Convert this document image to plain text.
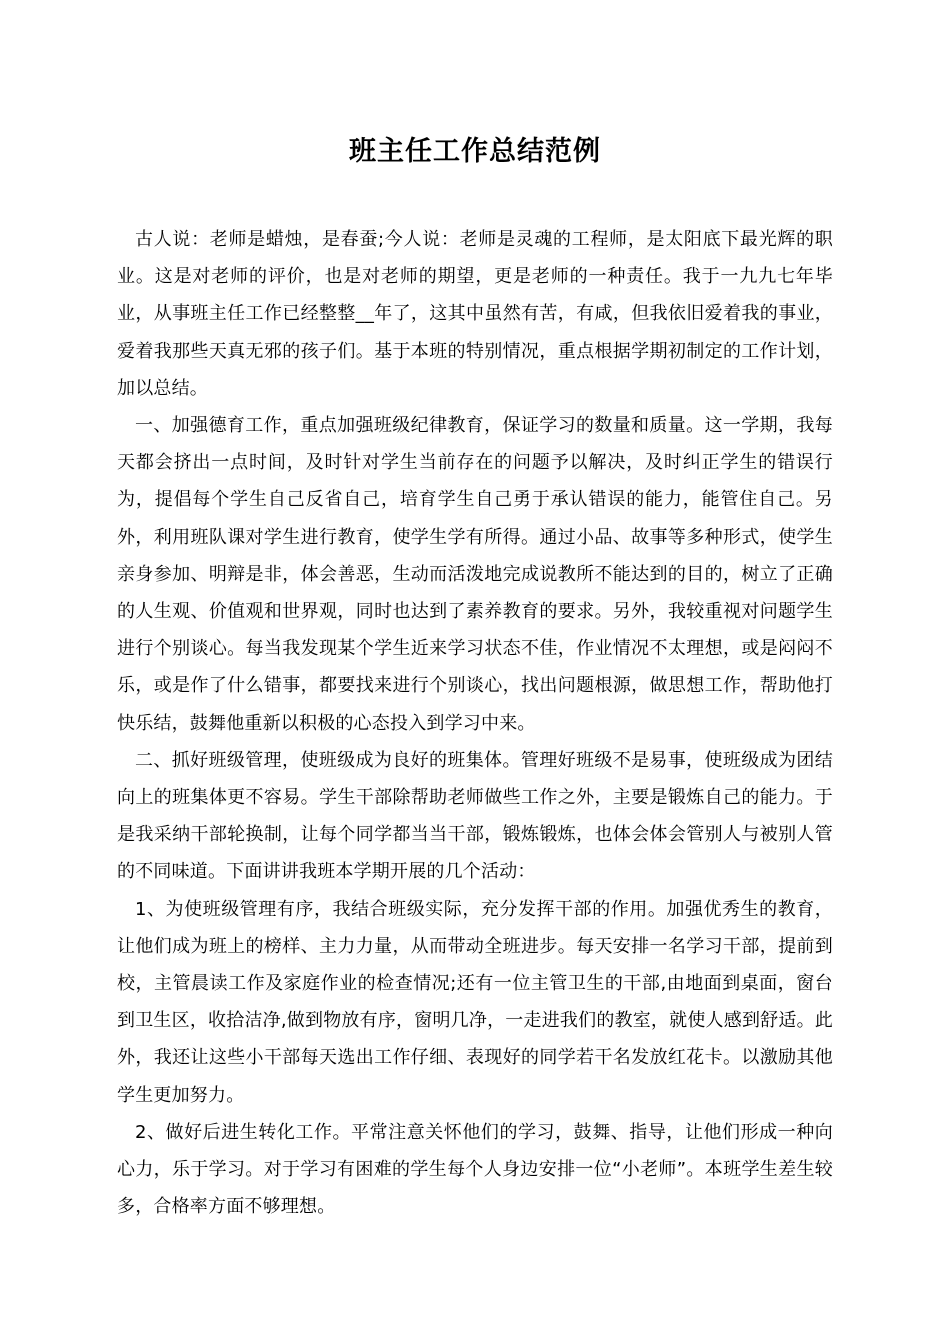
班主任工作总结范例

古人说：老师是蜡烛，是春蚕;今人说：老师是灵魂的工程师，是太阳底下最光辉的职业。这是对老师的评价，也是对老师的期望，更是老师的一种责任。我于一九九七年毕业，从事班主任工作已经整整__年了，这其中虽然有苦，有咸，但我依旧爱着我的事业，爱着我那些天真无邪的孩子们。基于本班的特别情况，重点根据学期初制定的工作计划，加以总结。

一、加强德育工作，重点加强班级纪律教育，保证学习的数量和质量。这一学期，我每天都会挤出一点时间，及时针对学生当前存在的问题予以解决，及时纠正学生的错误行为，提倡每个学生自己反省自己，培育学生自己勇于承认错误的能力，能管住自己。另外，利用班队课对学生进行教育，使学生学有所得。通过小品、故事等多种形式，使学生亲身参加、明辩是非，体会善恶，生动而活泼地完成说教所不能达到的目的，树立了正确的人生观、价值观和世界观，同时也达到了素养教育的要求。另外，我较重视对问题学生进行个别谈心。每当我发现某个学生近来学习状态不佳，作业情况不太理想，或是闷闷不乐，或是作了什么错事，都要找来进行个别谈心，找出问题根源，做思想工作，帮助他打快乐结，鼓舞他重新以积极的心态投入到学习中来。

二、抓好班级管理，使班级成为良好的班集体。管理好班级不是易事，使班级成为团结向上的班集体更不容易。学生干部除帮助老师做些工作之外，主要是锻炼自己的能力。于是我采纳干部轮换制，让每个同学都当当干部，锻炼锻炼，也体会体会管别人与被别人管的不同味道。下面讲讲我班本学期开展的几个活动：

1、为使班级管理有序，我结合班级实际，充分发挥干部的作用。加强优秀生的教育，让他们成为班上的榜样、主力力量，从而带动全班进步。每天安排一名学习干部，提前到校，主管晨读工作及家庭作业的检查情况;还有一位主管卫生的干部,由地面到桌面，窗台到卫生区，收拾洁净,做到物放有序，窗明几净，一走进我们的教室，就使人感到舒适。此外，我还让这些小干部每天选出工作仔细、表现好的同学若干名发放红花卡。以激励其他学生更加努力。

2、做好后进生转化工作。平常注意关怀他们的学习，鼓舞、指导，让他们形成一种向心力，乐于学习。对于学习有困难的学生每个人身边安排一位“小老师”。本班学生差生较多，合格率方面不够理想。
